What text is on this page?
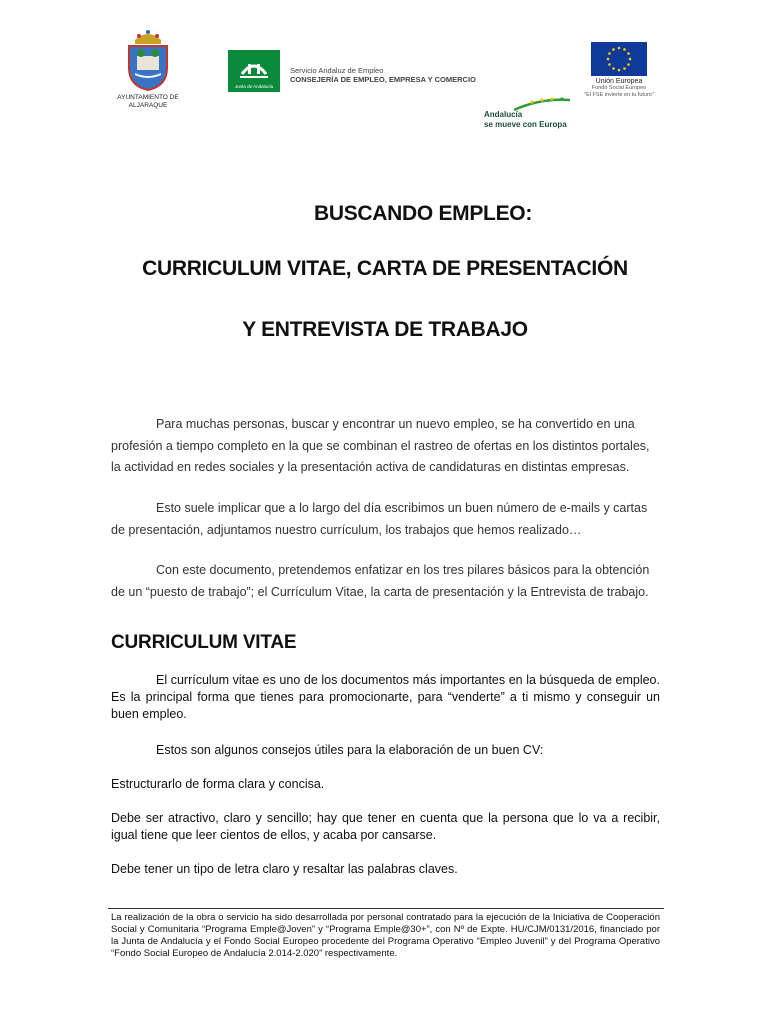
AYUNTAMIENTO DE
ALJARAQUE
Junta de Andalucía
Servicio Andaluz de Empleo
CONSEJERÍA DE EMPLEO, EMPRESA Y COMERCIO	Unión Europea
Fondo Social Europeo
"El FSE invierte en tu futuro"
Andalucía
se mueve con Europa
BUSCANDO EMPLEO:
CURRICULUM VITAE, CARTA DE PRESENTACIÓN
Y ENTREVISTA DE TRABAJO
Para muchas personas, buscar y encontrar un nuevo empleo, se ha convertido en una profesión a tiempo completo en la que se combinan el rastreo de ofertas en los distintos portales, la actividad en redes sociales y la presentación activa de candidaturas en distintas empresas.
Esto suele implicar que a lo largo del día escribimos un buen número de e-mails y cartas de presentación, adjuntamos nuestro currículum, los trabajos que hemos realizado…
Con este documento, pretendemos enfatizar en los tres pilares básicos para la obtención de un “puesto de trabajo”; el Currículum Vitae, la carta de presentación y la Entrevista de trabajo.
CURRICULUM VITAE
El currículum vitae es uno de los documentos más importantes en la búsqueda de empleo. Es la principal forma que tienes para promocionarte, para “venderte” a ti mismo y conseguir un buen empleo.
Estos son algunos consejos útiles para la elaboración de un buen CV:
Estructurarlo de forma clara y concisa.
Debe ser atractivo, claro y sencillo; hay que tener en cuenta que la persona que lo va a recibir, igual tiene que leer cientos de ellos, y acaba por cansarse.
Debe tener un tipo de letra claro y resaltar las palabras claves.
La realización de la obra o servicio ha sido desarrollada por personal contratado para la ejecución de la Iniciativa de Cooperación Social y Comunitaria “Programa Emple@Joven” y “Programa Emple@30+”, con Nº de Expte. HU/CJM/0131/2016, financiado por la Junta de Andalucía y el Fondo Social Europeo procedente del Programa Operativo “Empleo Juvenil” y del Programa Operativo “Fondo Social Europeo de Andalucía 2.014-2.020” respectivamente.
